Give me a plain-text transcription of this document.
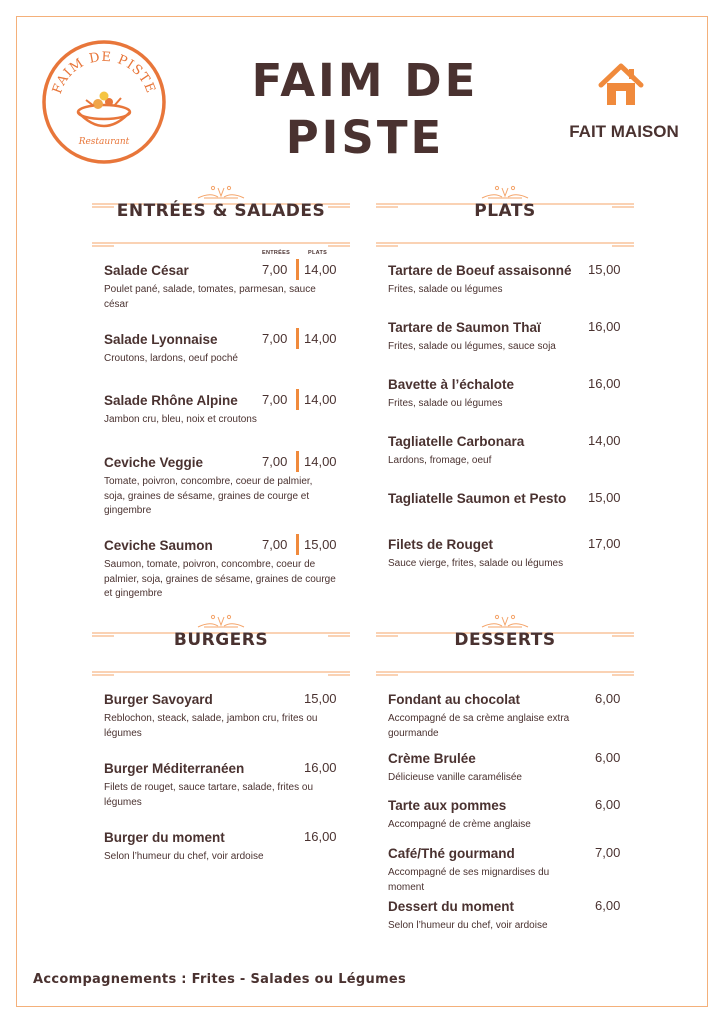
FAIM DE PISTE
Restaurant
FAIM DE
PISTE	FAIT MAISON
ENTRÉES & SALADES
ENTRÉES	PLATS
Salade César	7,00 14,00
Poulet pané, salade, tomates, parmesan, sauce césar
Salade Lyonnaise	7,00 14,00
Croutons, lardons, oeuf poché
Salade Rhône Alpine 7,00 14,00
Jambon cru, bleu, noix et croutons
Ceviche Veggie	7,00 14,00
Tomate, poivron, concombre, coeur de palmier, soja, graines de sésame, graines de courge et gingembre
Ceviche Saumon	7,00 15,00
Saumon, tomate, poivron, concombre, coeur de palmier, soja, graines de sésame, graines de courge et gingembre
PLATS
Tartare de Boeuf assaisonné 15,00
Frites, salade ou légumes
Tartare de Saumon Thaï	16,00
Frites, salade ou légumes, sauce soja
Bavette à l’échalote	16,00
Frites, salade ou légumes
Tagliatelle Carbonara	14,00
Lardons, fromage, oeuf
Tagliatelle Saumon et Pesto 15,00
Filets de Rouget	17,00
Sauce vierge, frites, salade ou légumes
BURGERS
Burger Savoyard	15,00
Reblochon, steack, salade, jambon cru, frites ou légumes
Burger Méditerranéen	16,00
Filets de rouget, sauce tartare, salade, frites ou légumes
Burger du moment	16,00
Selon l’humeur du chef, voir ardoise
DESSERTS
Fondant au chocolat	6,00
Accompagné de sa crème anglaise extra gourmande
Crème Brulée	6,00
Délicieuse vanille caramélisée
Tarte aux pommes	6,00
Accompagné de crème anglaise
Café/Thé gourmand	7,00
Accompagné de ses mignardises du moment
Dessert du moment	6,00
Selon l’humeur du chef, voir ardoise
Accompagnements : Frites - Salades ou Légumes
